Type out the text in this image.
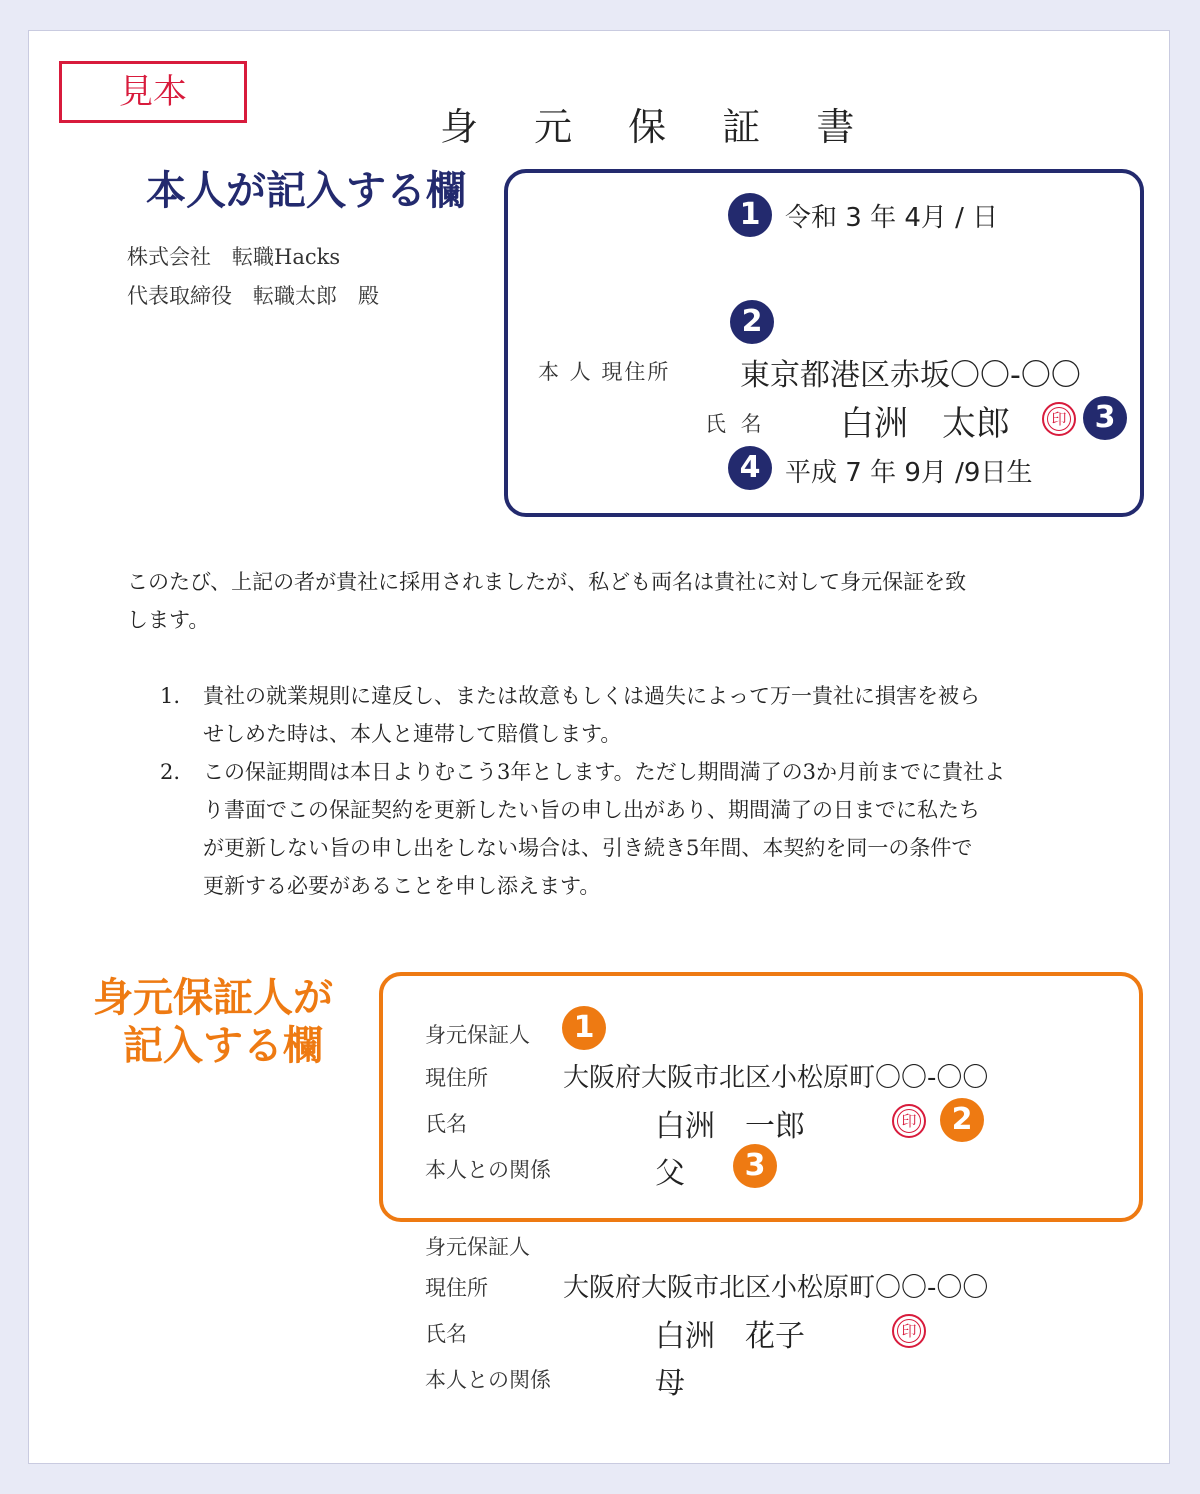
見本
身 元 保 証 書
本人が記入する欄
株式会社　転職Hacks
代表取締役　転職太郎　殿
1 令和 3 年 4月 / 日
2
本 人 現住所 東京都港区赤坂〇〇-〇〇
氏 名 白洲　太郎	印 3
4 平成 7 年 9月 /9日生
このたび、上記の者が貴社に採用されましたが、私ども両名は貴社に対して身元保証を致
します。
1. 貴社の就業規則に違反し、または故意もしくは過失によって万一貴社に損害を被ら
せしめた時は、本人と連帯して賠償します。
2. この保証期間は本日よりむこう3年とします。ただし期間満了の3か月前までに貴社よ
り書面でこの保証契約を更新したい旨の申し出があり、期間満了の日までに私たち
が更新しない旨の申し出をしない場合は、引き続き5年間、本契約を同一の条件で
更新する必要があることを申し添えます。
身元保証人が
記入する欄	身元保証人	1
現住所	大阪府大阪市北区小松原町〇〇-〇〇
氏名	白洲　一郎	印	2
本人との関係	父	3
身元保証人
現住所	大阪府大阪市北区小松原町〇〇-〇〇
氏名	白洲　花子	印
本人との関係	母
